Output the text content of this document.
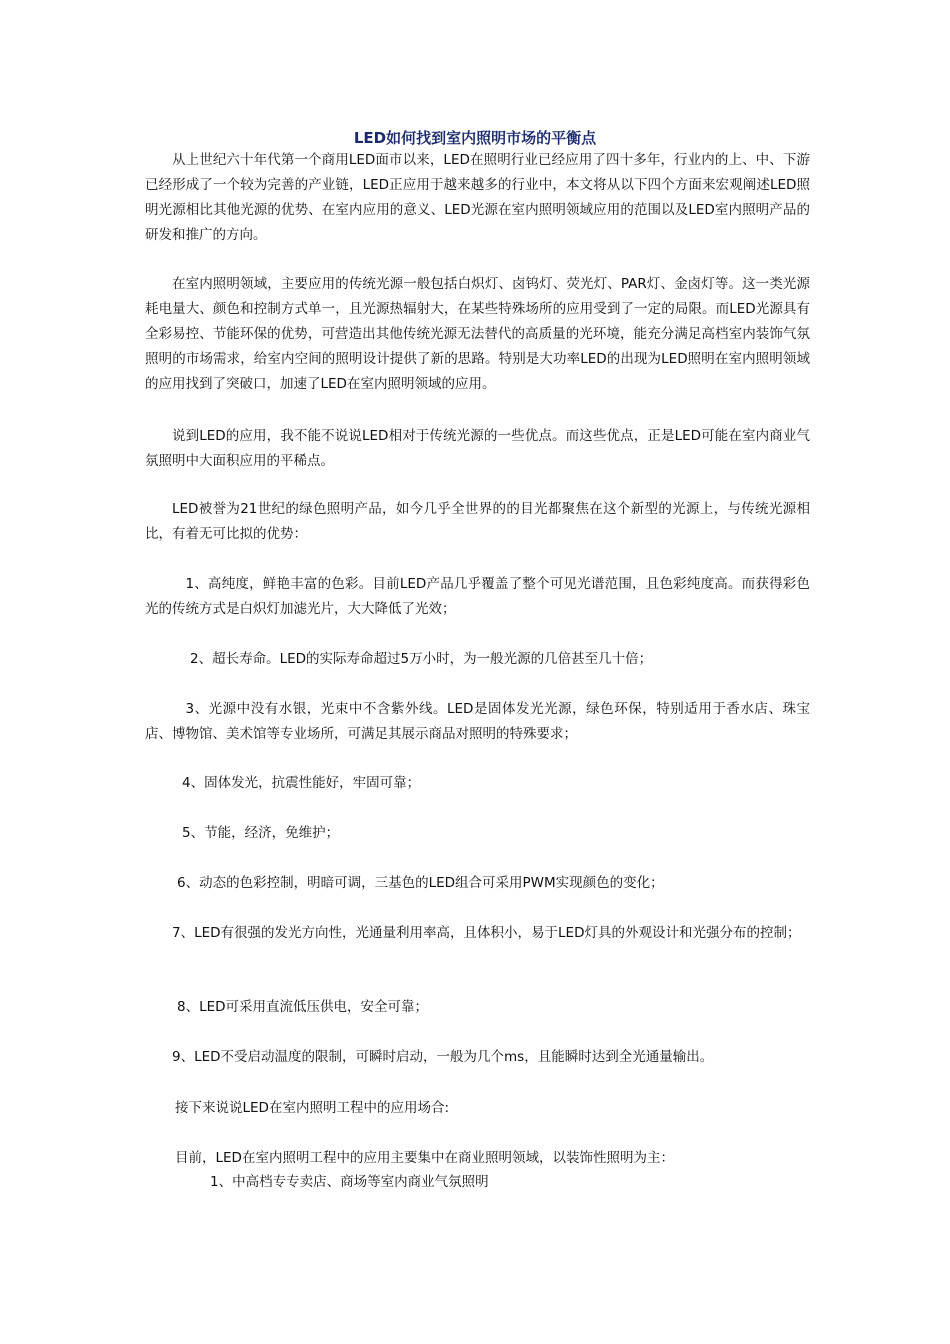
LED如何找到室内照明市场的平衡点

从上世纪六十年代第一个商用LED面市以来，LED在照明行业已经应用了四十多年，行业内的上、中、下游已经形成了一个较为完善的产业链，LED正应用于越来越多的行业中，本文将从以下四个方面来宏观阐述LED照明光源相比其他光源的优势、在室内应用的意义、LED光源在室内照明领域应用的范围以及LED室内照明产品的研发和推广的方向。

在室内照明领域，主要应用的传统光源一般包括白炽灯、卤钨灯、荧光灯、PAR灯、金卤灯等。这一类光源耗电量大、颜色和控制方式单一，且光源热辐射大，在某些特殊场所的应用受到了一定的局限。而LED光源具有全彩易控、节能环保的优势，可营造出其他传统光源无法替代的高质量的光环境，能充分满足高档室内装饰气氛照明的市场需求，给室内空间的照明设计提供了新的思路。特别是大功率LED的出现为LED照明在室内照明领域的应用找到了突破口，加速了LED在室内照明领域的应用。

说到LED的应用，我不能不说说LED相对于传统光源的一些优点。而这些优点，正是LED可能在室内商业气氛照明中大面积应用的平稀点。

LED被誉为21世纪的绿色照明产品，如今几乎全世界的的目光都聚焦在这个新型的光源上，与传统光源相比，有着无可比拟的优势：

1、高纯度，鲜艳丰富的色彩。目前LED产品几乎覆盖了整个可见光谱范围，且色彩纯度高。而获得彩色光的传统方式是白炽灯加滤光片，大大降低了光效；

2、超长寿命。LED的实际寿命超过5万小时，为一般光源的几倍甚至几十倍；

3、光源中没有水银，光束中不含紫外线。LED是固体发光光源，绿色环保，特别适用于香水店、珠宝店、博物馆、美术馆等专业场所，可满足其展示商品对照明的特殊要求；

4、固体发光，抗震性能好，牢固可靠；

5、节能，经济，免维护；

6、动态的色彩控制，明暗可调，三基色的LED组合可采用PWM实现颜色的变化；

7、LED有很强的发光方向性，光通量利用率高，且体积小，易于LED灯具的外观设计和光强分布的控制；

8、LED可采用直流低压供电，安全可靠；

9、LED不受启动温度的限制，可瞬时启动，一般为几个ms，且能瞬时达到全光通量输出。

接下来说说LED在室内照明工程中的应用场合:

目前，LED在室内照明工程中的应用主要集中在商业照明领域，以装饰性照明为主：

1、中高档专专卖店、商场等室内商业气氛照明
